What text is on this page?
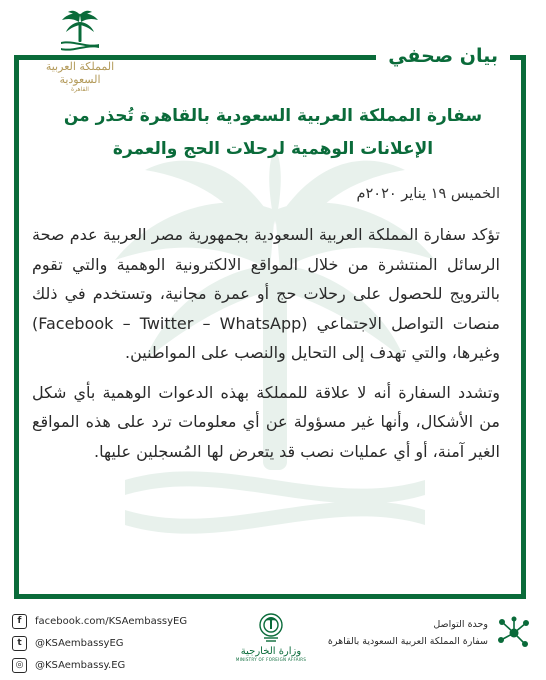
بيان صحفي
المملكة العربية السعودية
القاهرة
سفارة المملكة العربية السعودية بالقاهرة تُحذر من
الإعلانات الوهمية لرحلات الحج والعمرة
الخميس ١٩ يناير ٢٠٢٠م

تؤكد سفارة المملكة العربية السعودية بجمهورية مصر العربية عدم صحة الرسائل المنتشرة من خلال المواقع الالكترونية الوهمية والتي تقوم بالترويج للحصول على رحلات حج أو عمرة مجانية، وتستخدم في ذلك منصات التواصل الاجتماعي (Facebook – Twitter – WhatsApp) وغيرها، والتي تهدف إلى التحايل والنصب على المواطنين.

وتشدد السفارة أنه لا علاقة للمملكة بهذه الدعوات الوهمية بأي شكل من الأشكال، وأنها غير مسؤولة عن أي معلومات ترد على هذه المواقع الغير آمنة، أو أي عمليات نصب قد يتعرض لها المُسجلين عليها.

f	facebook.com/KSAembassyEG
t	@KSAembassyEG
◎	@KSAembassy.EG
وزارة الخارجية
MINISTRY OF FOREIGN AFFAIRS
وحدة التواصل
سفارة المملكة العربية السعودية بالقاهرة
